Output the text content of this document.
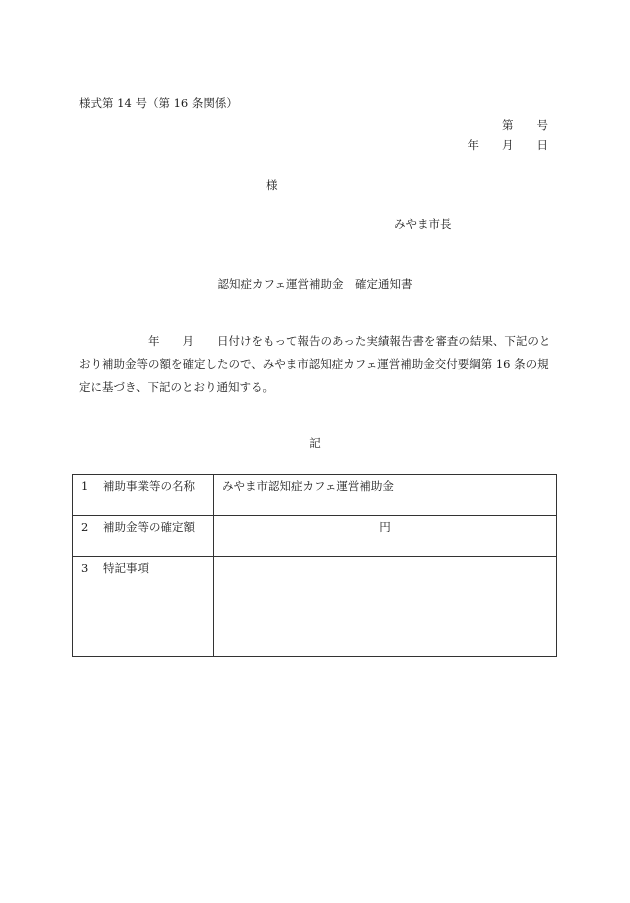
様式第 14 号（第 16 条関係）
第　　号
年　　月　　日
様
みやま市長
認知症カフェ運営補助金　確定通知書
　　　　　　年　　月　　日付けをもって報告のあった実績報告書を審査の結果、下記のと
おり補助金等の額を確定したので、みやま市認知症カフェ運営補助金交付要綱第 16 条の規
定に基づき、下記のとおり通知する。
記
1 補助事業等の名称	みやま市認知症カフェ運営補助金
2 補助金等の確定額	円
3 特記事項	
